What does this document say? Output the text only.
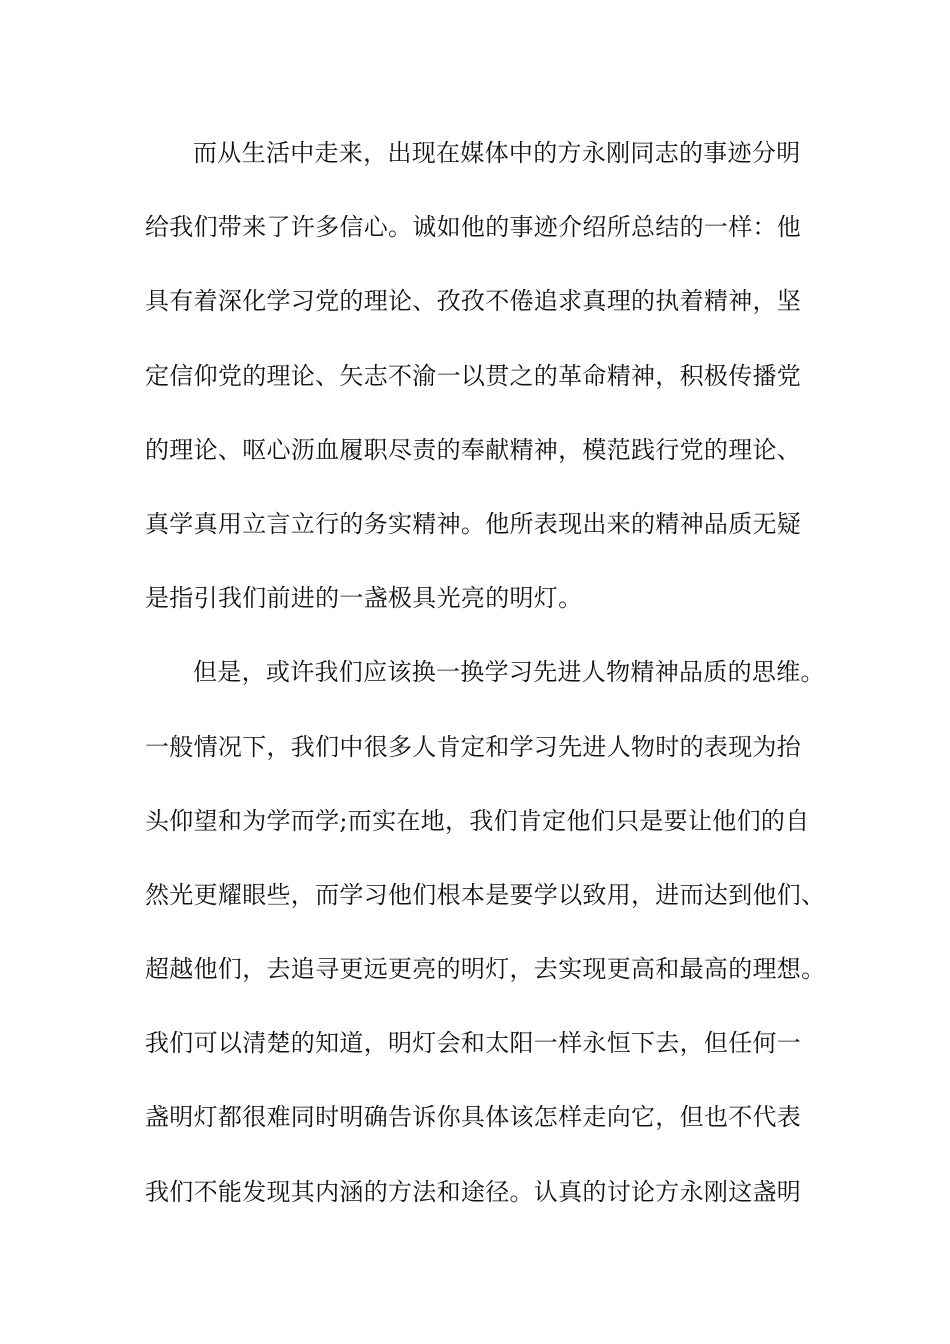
而从生活中走来，出现在媒体中的方永刚同志的事迹分明
给我们带来了许多信心。诚如他的事迹介绍所总结的一样：他
具有着深化学习党的理论、孜孜不倦追求真理的执着精神，坚
定信仰党的理论、矢志不渝一以贯之的革命精神，积极传播党
的理论、呕心沥血履职尽责的奉献精神，模范践行党的理论、
真学真用立言立行的务实精神。他所表现出来的精神品质无疑
是指引我们前进的一盏极具光亮的明灯。
但是，或许我们应该换一换学习先进人物精神品质的思维。
一般情况下，我们中很多人肯定和学习先进人物时的表现为抬
头仰望和为学而学;而实在地，我们肯定他们只是要让他们的自
然光更耀眼些，而学习他们根本是要学以致用，进而达到他们、
超越他们，去追寻更远更亮的明灯，去实现更高和最高的理想。
我们可以清楚的知道，明灯会和太阳一样永恒下去，但任何一
盏明灯都很难同时明确告诉你具体该怎样走向它，但也不代表
我们不能发现其内涵的方法和途径。认真的讨论方永刚这盏明
